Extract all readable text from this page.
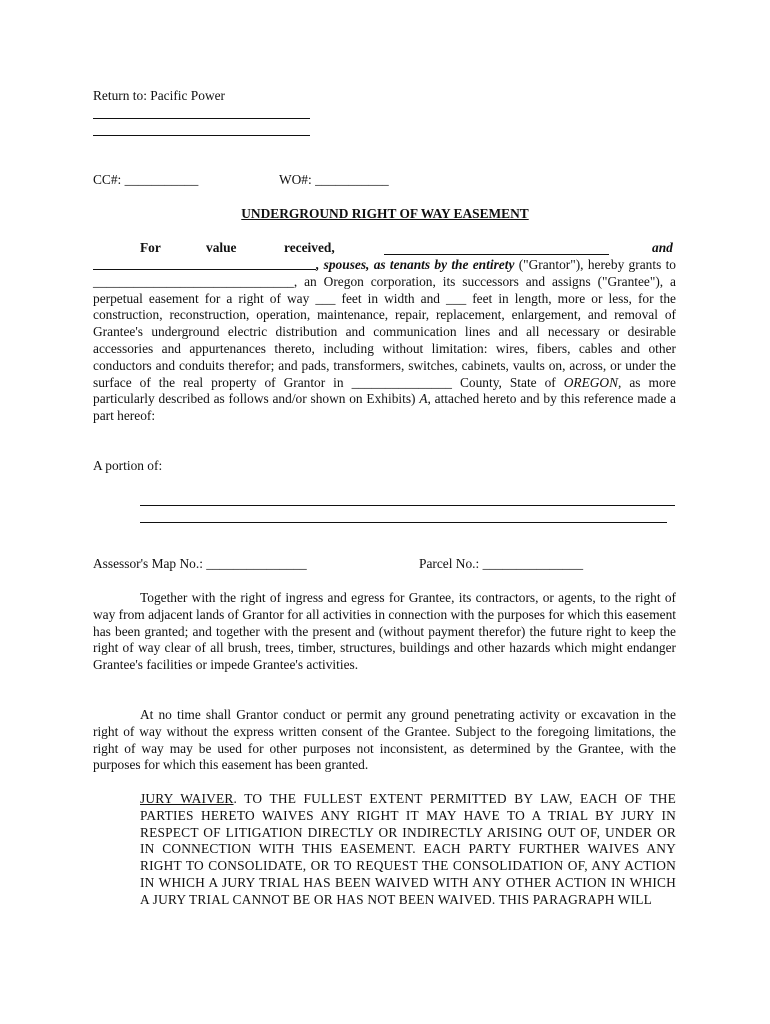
Return to: Pacific Power
CC#: ___________	WO#: ___________
UNDERGROUND RIGHT OF WAY EASEMENT
For	value	received,	and
, spouses, as tenants by the entirety ("Grantor"), hereby grants to ______________________________, an Oregon corporation, its successors and assigns ("Grantee"), a perpetual easement for a right of way ___ feet in width and ___ feet in length, more or less, for the construction, reconstruction, operation, maintenance, repair, replacement, enlargement, and removal of Grantee's underground electric distribution and communication lines and all necessary or desirable accessories and appurtenances thereto, including without limitation: wires, fibers, cables and other conductors and conduits therefor; and pads, transformers, switches, cabinets, vaults on, across, or under the surface of the real property of Grantor in _______________ County, State of OREGON, as more particularly described as follows and/or shown on Exhibits) A, attached hereto and by this reference made a part hereof:
A portion of:
Assessor's Map No.: _______________	Parcel No.: _______________
Together with the right of ingress and egress for Grantee, its contractors, or agents, to the right of way from adjacent lands of Grantor for all activities in connection with the purposes for which this easement has been granted; and together with the present and (without payment therefor) the future right to keep the right of way clear of all brush, trees, timber, structures, buildings and other hazards which might endanger Grantee's facilities or impede Grantee's activities.
At no time shall Grantor conduct or permit any ground penetrating activity or excavation in the right of way without the express written consent of the Grantee. Subject to the foregoing limitations, the right of way may be used for other purposes not inconsistent, as determined by the Grantee, with the purposes for which this easement has been granted.
JURY WAIVER. TO THE FULLEST EXTENT PERMITTED BY LAW, EACH OF THE PARTIES HERETO WAIVES ANY RIGHT IT MAY HAVE TO A TRIAL BY JURY IN RESPECT OF LITIGATION DIRECTLY OR INDIRECTLY ARISING OUT OF, UNDER OR IN CONNECTION WITH THIS EASEMENT. EACH PARTY FURTHER WAIVES ANY RIGHT TO CONSOLIDATE, OR TO REQUEST THE CONSOLIDATION OF, ANY ACTION IN WHICH A JURY TRIAL HAS BEEN WAIVED WITH ANY OTHER ACTION IN WHICH A JURY TRIAL CANNOT BE OR HAS NOT BEEN WAIVED. THIS PARAGRAPH WILL
